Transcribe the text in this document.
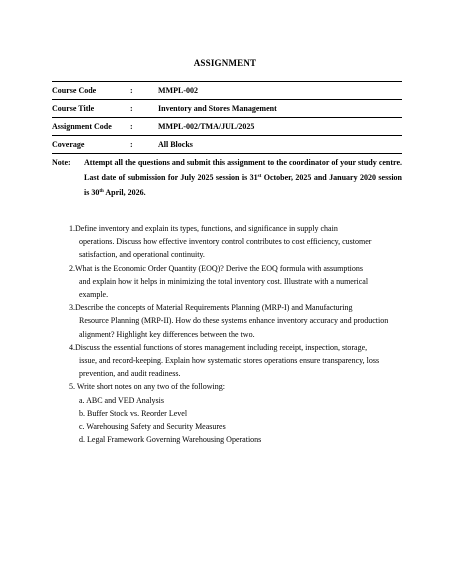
ASSIGNMENT
Course Code	:	MMPL-002
Course Title	:	Inventory and Stores Management
Assignment Code	:	MMPL-002/TMA/JUL/2025
Coverage	:	All Blocks
Note: Attempt all the questions and submit this assignment to the coordinator of your study centre. Last date of submission for July 2025 session is 31st October, 2025 and January 2020 session is 30th April, 2026.
1.Define inventory and explain its types, functions, and significance in supply chain
operations. Discuss how effective inventory control contributes to cost efficiency, customer satisfaction, and operational continuity.
2.What is the Economic Order Quantity (EOQ)? Derive the EOQ formula with assumptions
and explain how it helps in minimizing the total inventory cost. Illustrate with a numerical example.
3.Describe the concepts of Material Requirements Planning (MRP-I) and Manufacturing
Resource Planning (MRP-II). How do these systems enhance inventory accuracy and production alignment? Highlight key differences between the two.
4.Discuss the essential functions of stores management including receipt, inspection, storage,
issue, and record-keeping. Explain how systematic stores operations ensure transparency, loss prevention, and audit readiness.
5. Write short notes on any two of the following:
a. ABC and VED Analysis
b. Buffer Stock vs. Reorder Level
c. Warehousing Safety and Security Measures
d. Legal Framework Governing Warehousing Operations
